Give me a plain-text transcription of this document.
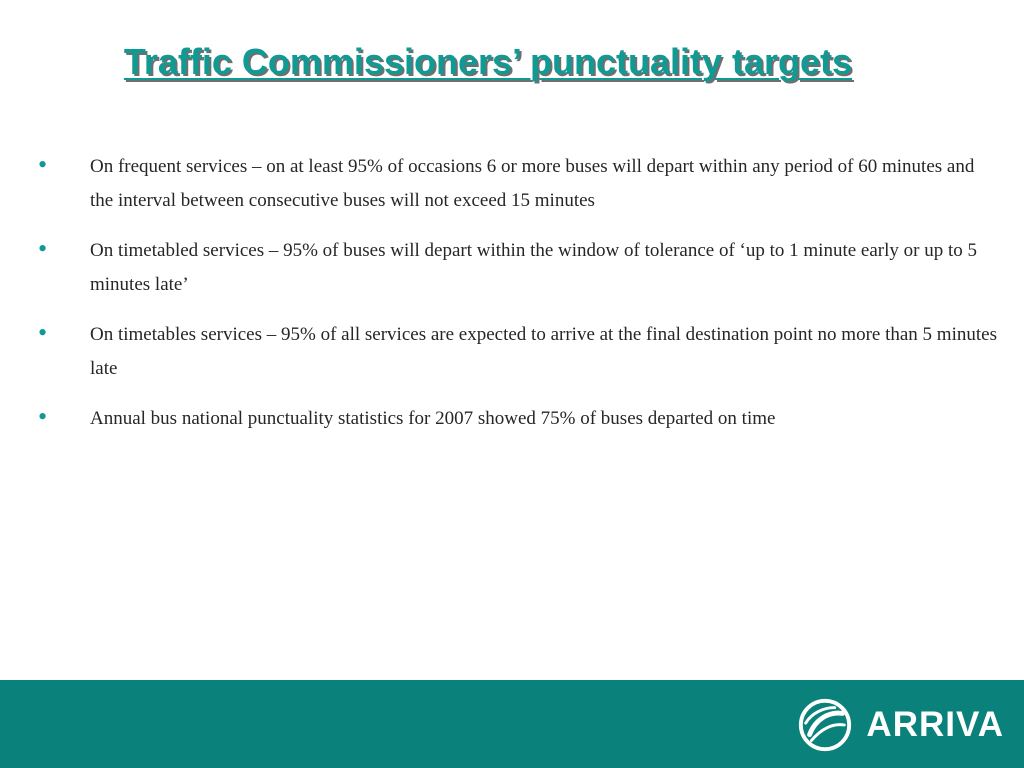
Traffic Commissioners’ punctuality targets
• On frequent services – on at least 95% of occasions 6 or more buses will depart within any period of 60 minutes and the interval between consecutive buses will not exceed 15 minutes
• On timetabled services – 95% of buses will depart within the window of tolerance of ‘up to 1 minute early or up to 5 minutes late’
• On timetables services – 95% of all services are expected to arrive at the final destination point no more than 5 minutes late
• Annual bus national punctuality statistics for 2007 showed 75% of buses departed on time
ARRIVA
